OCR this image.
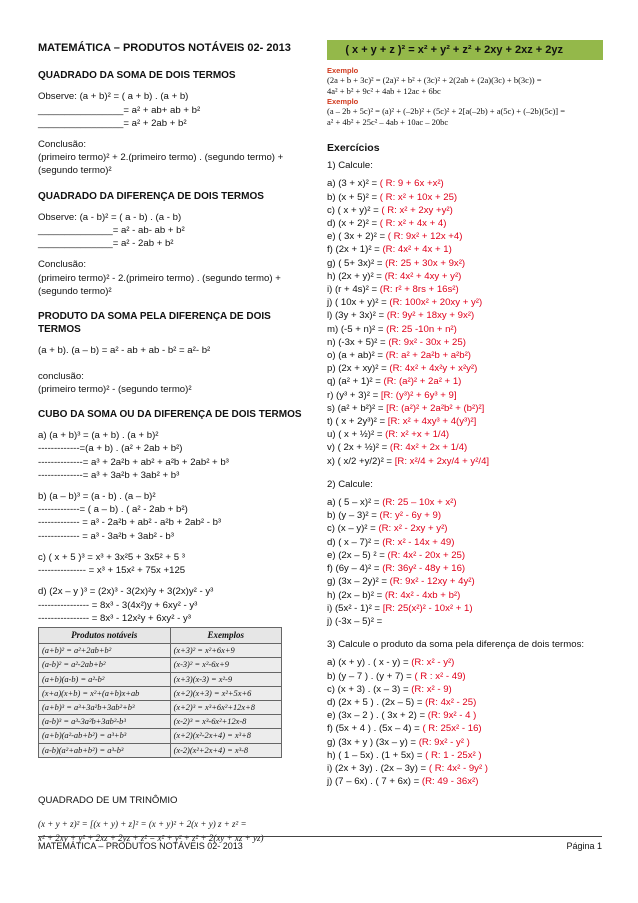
MATEMÁTICA – PRODUTOS NOTÁVEIS 02- 2013
QUADRADO DA SOMA DE DOIS TERMOS
Observe: (a + b)² = ( a + b) . (a + b)
________________= a² + ab+ ab + b²
________________= a² + 2ab + b²
Conclusão:
(primeiro termo)² + 2.(primeiro termo) . (segundo termo) + (segundo termo)²
QUADRADO DA DIFERENÇA DE DOIS TERMOS
Observe: (a - b)² = ( a - b) . (a - b)
______________= a² - ab- ab + b²
______________= a² - 2ab + b²
Conclusão:
(primeiro termo)² - 2.(primeiro termo) . (segundo termo) + (segundo termo)²
PRODUTO DA SOMA PELA DIFERENÇA DE DOIS TERMOS
(a + b). (a – b) = a² - ab + ab - b² = a²- b²
conclusão:
(primeiro termo)² - (segundo termo)²
CUBO DA SOMA OU DA DIFERENÇA DE DOIS TERMOS
a) (a + b)³ = (a + b) . (a + b)²
-------------=(a + b) . (a² + 2ab + b²)
--------------= a³ + 2a²b + ab² + a²b + 2ab² + b³
--------------= a³ + 3a²b + 3ab² + b³
b) (a – b)³ = (a - b) . (a – b)²
-------------= ( a – b) . ( a² - 2ab + b²)
------------- = a³ - 2a²b + ab² - a²b + 2ab² - b³
------------- = a³ - 3a²b + 3ab² - b³
c) ( x + 5 )³ = x³ + 3x²5 + 3x5² + 5 ³
--------------- = x³ + 15x² + 75x +125
d) (2x – y )³ = (2x)³ - 3(2x)²y + 3(2x)y² - y³
---------------- = 8x³ - 3(4x²)y + 6xy² - y³
---------------- = 8x³ - 12x²y + 6xy² - y³
Produtos notáveis	Exemplos
(a+b)² = a²+2ab+b²	(x+3)² = x²+6x+9
(a-b)² = a²-2ab+b²	(x-3)² = x²-6x+9
(a+b)(a-b) = a²-b²	(x+3)(x-3) = x²-9
(x+a)(x+b) = x²+(a+b)x+ab	(x+2)(x+3) = x²+5x+6
(a+b)³ = a³+3a²b+3ab²+b³	(x+2)³ = x³+6x²+12x+8
(a-b)³ = a³-3a²b+3ab²-b³	(x-2)³ = x³-6x²+12x-8
(a+b)(a²-ab+b²) = a³+b³	(x+2)(x²-2x+4) = x³+8
(a-b)(a²+ab+b²) = a³-b³	(x-2)(x²+2x+4) = x³-8
QUADRADO DE UM TRINÔMIO
(x + y + z)² = [(x + y) + z]² = (x + y)² + 2(x + y) z + z² =
x² + 2xy + y² + 2xz + 2yz + z² = x² + y² + z² + 2(xy + xz + yz)
( x + y + z )² = x² + y² + z² + 2xy + 2xz + 2yz
Exemplo
(2a + b + 3c)² = (2a)² + b² + (3c)² + 2(2ab + (2a)(3c) + b(3c)) =
4a² + b² + 9c² + 4ab + 12ac + 6bc
Exemplo
(a – 2b + 5c)² = (a)² + (–2b)² + (5c)² + 2[a(–2b) + a(5c) + (–2b)(5c)] =
a² + 4b² + 25c² – 4ab + 10ac – 20bc
Exercícios
1) Calcule:
a) (3 + x)² = ( R: 9 + 6x +x²)
b) (x + 5)² = ( R: x² + 10x + 25)
c) ( x + y)² = ( R: x² + 2xy +y²)
d) (x + 2)² = ( R: x² + 4x + 4)
e) ( 3x + 2)² = ( R: 9x² + 12x +4)
f) (2x + 1)² = (R: 4x² + 4x + 1)
g) ( 5+ 3x)² = (R: 25 + 30x + 9x²)
h) (2x + y)² = (R: 4x² + 4xy + y²)
i) (r + 4s)² = (R: r² + 8rs + 16s²)
j) ( 10x + y)² = (R: 100x² + 20xy + y²)
l) (3y + 3x)² = (R: 9y² + 18xy + 9x²)
m) (-5 + n)² = (R: 25 -10n + n²)
n) (-3x + 5)² = (R: 9x² - 30x + 25)
o) (a + ab)² = (R: a² + 2a²b + a²b²)
p) (2x + xy)² = (R: 4x² + 4x²y + x²y²)
q) (a² + 1)² = (R: (a²)² + 2a² + 1)
r) (y³ + 3)² = [R: (y³)² + 6y³ + 9]
s) (a² + b²)² = [R: (a²)² + 2a²b² + (b²)²]
t) ( x + 2y³)² = [R: x² + 4xy³ + 4(y³)²]
u) ( x + ½)² = (R: x² +x + 1/4)
v) ( 2x + ½)² = (R: 4x² + 2x + 1/4)
x) ( x/2 +y/2)² = [R: x²/4 + 2xy/4 + y²/4]
2) Calcule:
a) ( 5 – x)² = (R: 25 – 10x + x²)
b) (y – 3)² = (R: y² - 6y + 9)
c) (x – y)² = (R: x² - 2xy + y²)
d) ( x – 7)² = (R: x² - 14x + 49)
e) (2x – 5) ² = (R: 4x² - 20x + 25)
f) (6y – 4)² = (R: 36y² - 48y + 16)
g) (3x – 2y)² = (R: 9x² - 12xy + 4y²)
h) (2x – b)² = (R: 4x² - 4xb + b²)
i) (5x² - 1)² = [R: 25(x²)² - 10x² + 1)
j) (-3x – 5)² =
3) Calcule o produto da soma pela diferença de dois termos:
a) (x + y) . ( x - y) = (R: x² - y²)
b) (y – 7 ) . (y + 7) = ( R : x² - 49)
c) (x + 3) . (x – 3) = (R: x² - 9)
d) (2x + 5 ) . (2x – 5) = (R: 4x² - 25)
e) (3x – 2 ) . ( 3x + 2) = (R: 9x² - 4 )
f) (5x + 4 ) . (5x – 4) = ( R: 25x² - 16)
g) (3x + y ) (3x – y) = (R: 9x² - y² )
h) ( 1 – 5x) . (1 + 5x) = ( R: 1 - 25x² )
i) (2x + 3y) . (2x – 3y) = ( R: 4x² - 9y² )
j) (7 – 6x) . ( 7 + 6x) = (R: 49 - 36x²)
MATEMÁTICA – PRODUTOS NOTÁVEIS 02- 2013	Página 1
